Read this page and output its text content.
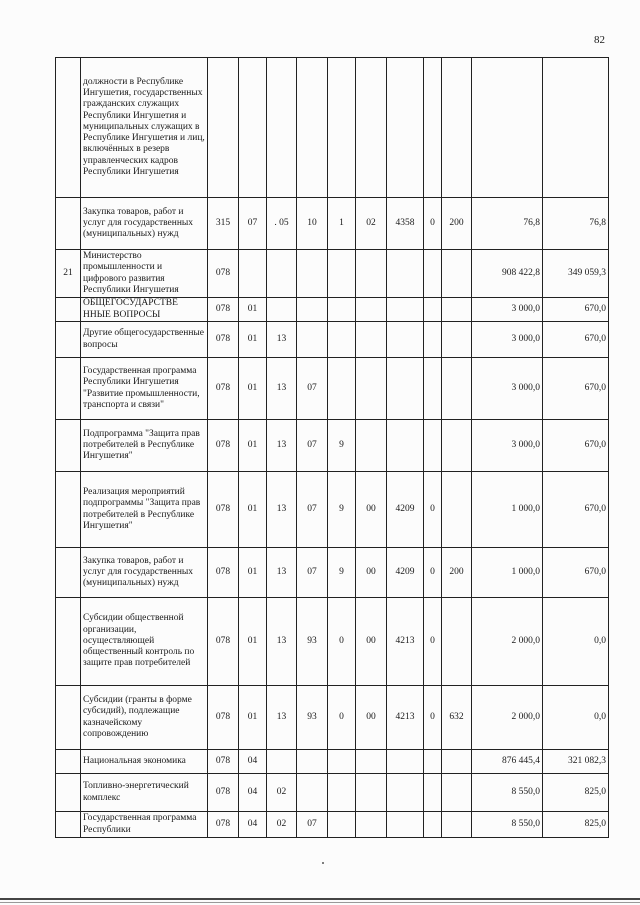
82
	должности в Республике Ингушетия, государственных гражданских служащих Республики Ингушетия и муниципальных служащих в Республике Ингушетия и лиц, включённых в резерв управленческих кадров Республики Ингушетия											
	Закупка товаров, работ и услуг для государственных (муниципальных) нужд	315	07	. 05	10	1	02	4358	0	200	76,8	76,8
21	Министерство промышленности и цифрового развития Республики Ингушетия	078									908 422,8	349 059,3
	ОБЩЕГОСУДАРСТВЕ ННЫЕ ВОПРОСЫ	078	01								3 000,0	670,0
	Другие общегосударственные вопросы	078	01	13							3 000,0	670,0
	Государственная программа Республики Ингушетия "Развитие промышленности, транспорта и связи"	078	01	13	07						3 000,0	670,0
	Подпрограмма "Защита прав потребителей в Республике Ингушетия"	078	01	13	07	9					3 000,0	670,0
	Реализация мероприятий подпрограммы "Защита прав потребителей в Республике Ингушетия"	078	01	13	07	9	00	4209	0		1 000,0	670,0
	Закупка товаров, работ и услуг для государственных (муниципальных) нужд	078	01	13	07	9	00	4209	0	200	1 000,0	670,0
	Субсидии общественной организации, осуществляющей общественный контроль по защите прав потребителей	078	01	13	93	0	00	4213	0		2 000,0	0,0
	Субсидии (гранты в форме субсидий), подлежащие казначейскому сопровождению	078	01	13	93	0	00	4213	0	632	2 000,0	0,0
	Национальная экономика	078	04								876 445,4	321 082,3
	Топливно-энергетический комплекс	078	04	02							8 550,0	825,0
	Государственная программа Республики	078	04	02	07						8 550,0	825,0
